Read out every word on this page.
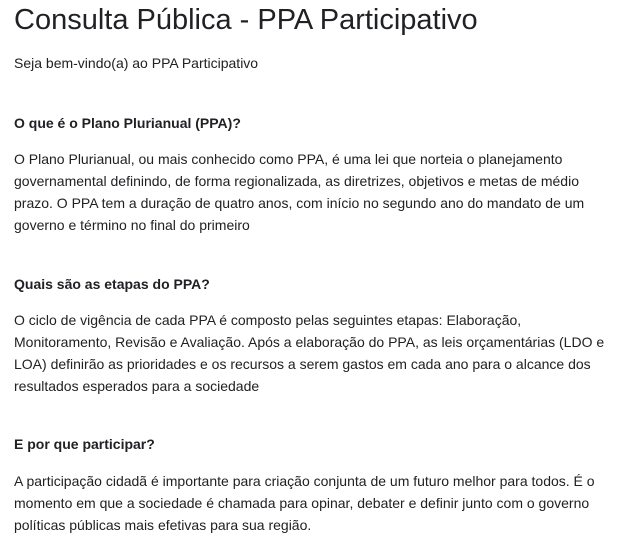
Consulta Pública - PPA Participativo

Seja bem-vindo(a) ao PPA Participativo

O que é o Plano Plurianual (PPA)?

O Plano Plurianual, ou mais conhecido como PPA, é uma lei que norteia o planejamento governamental definindo, de forma regionalizada, as diretrizes, objetivos e metas de médio prazo. O PPA tem a duração de quatro anos, com início no segundo ano do mandato de um governo e término no final do primeiro

Quais são as etapas do PPA?

O ciclo de vigência de cada PPA é composto pelas seguintes etapas: Elaboração, Monitoramento, Revisão e Avaliação. Após a elaboração do PPA, as leis orçamentárias (LDO e LOA) definirão as prioridades e os recursos a serem gastos em cada ano para o alcance dos resultados esperados para a sociedade

E por que participar?

A participação cidadã é importante para criação conjunta de um futuro melhor para todos. É o momento em que a sociedade é chamada para opinar, debater e definir junto com o governo políticas públicas mais efetivas para sua região.
